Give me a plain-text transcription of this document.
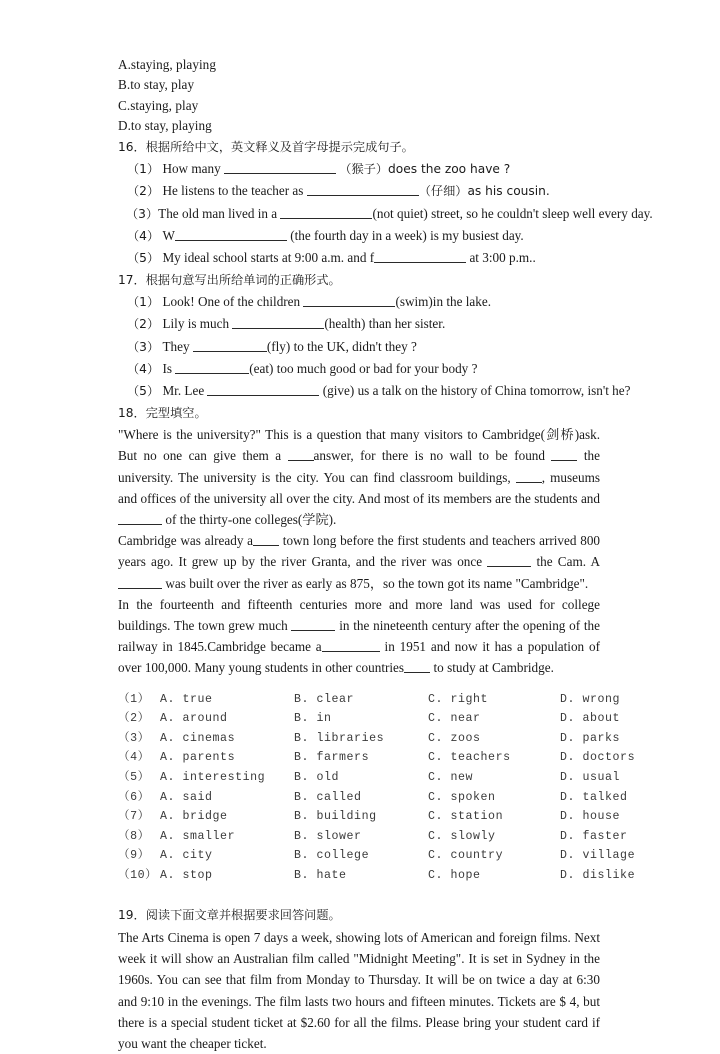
A.staying, playing
B.to stay, play
C.staying, play
D.to stay, playing
16．根据所给中文，英文释义及首字母提示完成句子。
（1） How many	（猴子）does the zoo have ?
（2） He listens to the teacher as	（仔细）as his cousin.
（3）The old man lived in a	(not quiet) street, so he couldn't sleep well every day.
（4） W	(the fourth day in a week) is my busiest day.
（5） My ideal school starts at 9:00 a.m. and f	at 3:00 p.m..
17．根据句意写出所给单词的正确形式。
（1） Look! One of the children	(swim)in the lake.
（2） Lily is much	(health) than her sister.
（3） They	(fly) to the UK, didn't they ?
（4） Is	(eat) too much good or bad for your body ?
（5） Mr. Lee	(give) us a talk on the history of China tomorrow, isn't he?
18．完型填空。

"Where is the university?" This is a question that many visitors to Cambridge(剑桥)ask. But no one can give them a answer, for there is no wall to be found	the university. The university is the city. You can find classroom buildings, , museums and offices of the university all over the city. And most of its members are the students and of the thirty-one colleges(学院).

Cambridge was already a town long before the first students and teachers arrived 800 years ago. It grew up by the river Granta, and the river was once	the Cam. A was built over the river as early as 875，so the town got its name "Cambridge".

In the fourteenth and fifteenth centuries more and more land was used for college buildings. The town grew much	in the nineteenth century after the opening of the railway in 1845.Cambridge became a	in 1951 and now it has a population of over 100,000. Many young students in other countries to study at Cambridge.

（1） A. true	B. clear	C. right	D. wrong
（2） A. around	B. in	C. near	D. about
（3） A. cinemas	B. libraries	C. zoos	D. parks
（4） A. parents	B. farmers	C. teachers	D. doctors
（5） A. interesting	B. old	C. new	D. usual
（6） A. said	B. called	C. spoken	D. talked
（7） A. bridge	B. building	C. station	D. house
（8） A. smaller	B. slower	C. slowly	D. faster
（9） A. city	B. college	C. country	D. village
（10） A. stop	B. hate	C. hope	D. dislike
19．阅读下面文章并根据要求回答问题。

The Arts Cinema is open 7 days a week, showing lots of American and foreign films. Next week it will show an Australian film called "Midnight Meeting". It is set in Sydney in the 1960s. You can see that film from Monday to Thursday. It will be on twice a day at 6:30 and 9:10 in the evenings. The film lasts two hours and fifteen minutes. Tickets are $ 4, but there is a special student ticket at $2.60 for all the films. Please bring your student card if you want the cheaper ticket.
